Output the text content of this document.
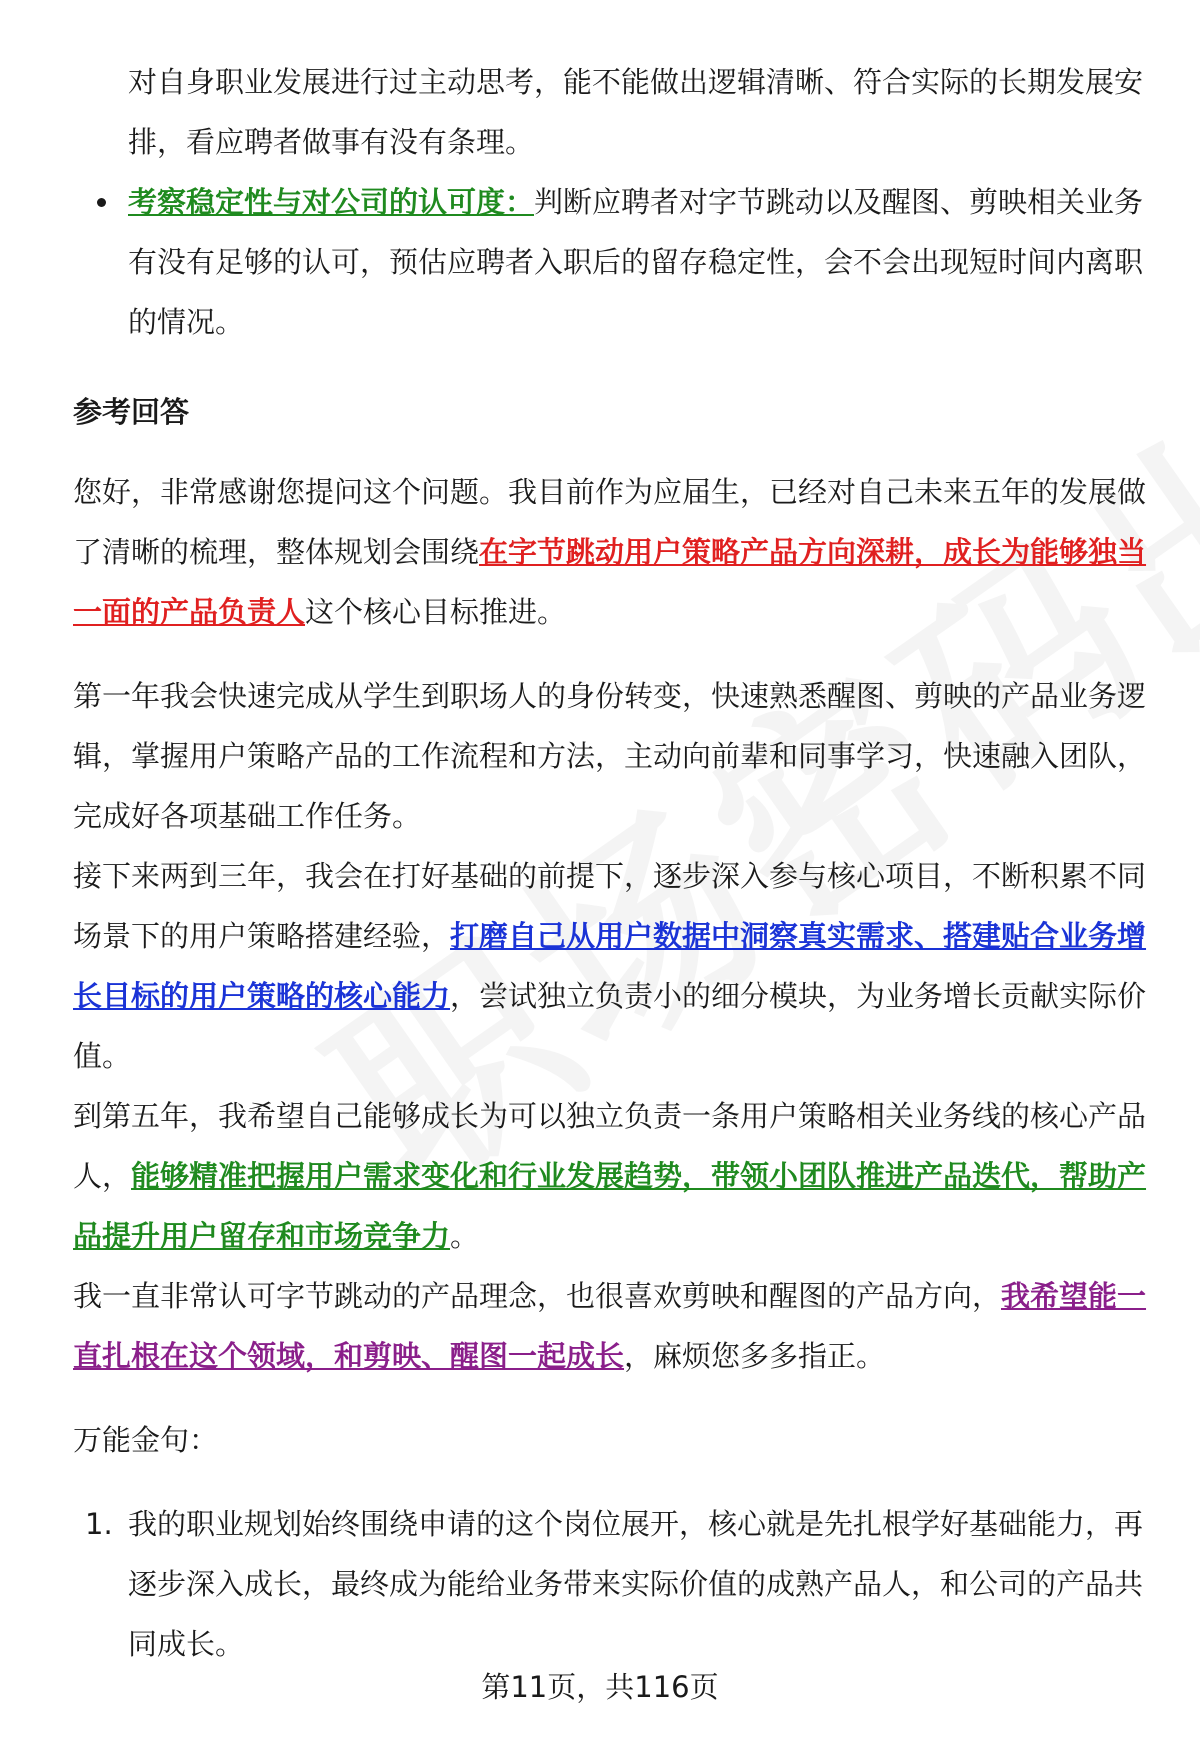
对自身职业发展进行过主动思考，能不能做出逻辑清晰、符合实际的长期发展安排，看应聘者做事有没有条理。

考察稳定性与对公司的认可度：判断应聘者对字节跳动以及醒图、剪映相关业务有没有足够的认可，预估应聘者入职后的留存稳定性，会不会出现短时间内离职的情况。

参考回答

您好，非常感谢您提问这个问题。我目前作为应届生，已经对自己未来五年的发展做了清晰的梳理，整体规划会围绕在字节跳动用户策略产品方向深耕，成长为能够独当一面的产品负责人这个核心目标推进。

第一年我会快速完成从学生到职场人的身份转变，快速熟悉醒图、剪映的产品业务逻辑，掌握用户策略产品的工作流程和方法，主动向前辈和同事学习，快速融入团队，完成好各项基础工作任务。

接下来两到三年，我会在打好基础的前提下，逐步深入参与核心项目，不断积累不同场景下的用户策略搭建经验，打磨自己从用户数据中洞察真实需求、搭建贴合业务增长目标的用户策略的核心能力，尝试独立负责小的细分模块，为业务增长贡献实际价值。

到第五年，我希望自己能够成长为可以独立负责一条用户策略相关业务线的核心产品人，能够精准把握用户需求变化和行业发展趋势，带领小团队推进产品迭代，帮助产品提升用户留存和市场竞争力。

我一直非常认可字节跳动的产品理念，也很喜欢剪映和醒图的产品方向，我希望能一直扎根在这个领域，和剪映、醒图一起成长，麻烦您多多指正。

万能金句：

1. 我的职业规划始终围绕申请的这个岗位展开，核心就是先扎根学好基础能力，再逐步深入成长，最终成为能给业务带来实际价值的成熟产品人，和公司的产品共同成长。
第11页，共116页
